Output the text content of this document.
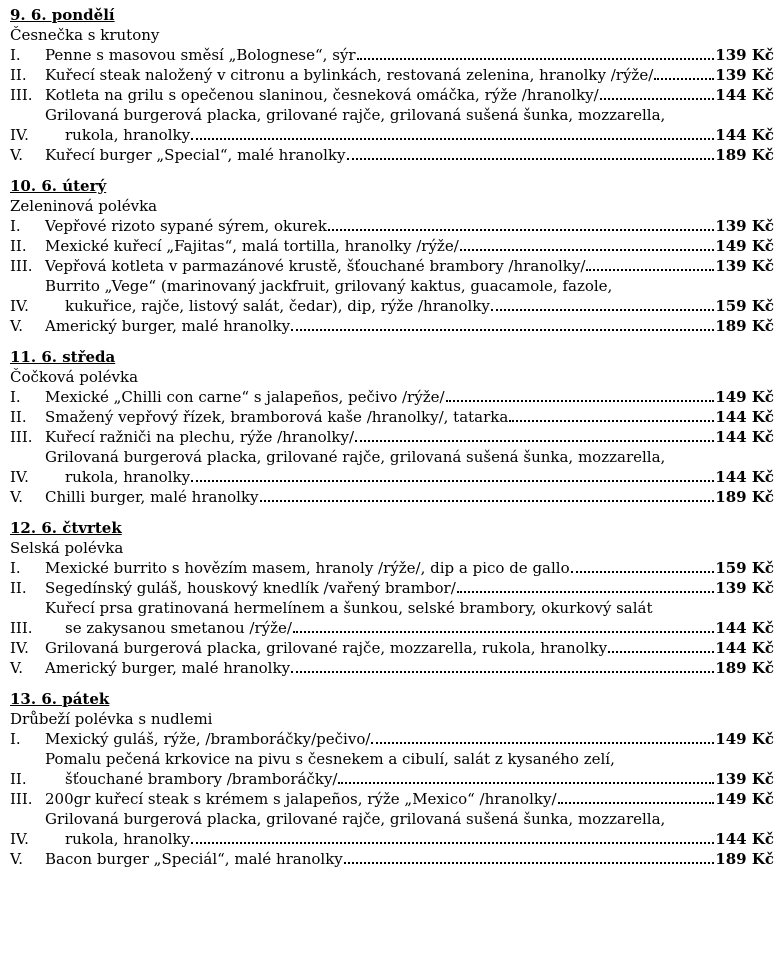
9. 6. pondělí
Česnečka s krutony
I.	Penne s masovou směsí „Bolognese“, sýr	139 Kč
II.	Kuřecí steak naložený v citronu a bylinkách, restovaná zelenina, hranolky /rýže/	139 Kč
III. Kotleta na grilu s opečenou slaninou, česneková omáčka, rýže /hranolky/	144 Kč
IV.
Grilovaná burgerová placka, grilované rajče, grilovaná sušená šunka, mozzarella,
rukola, hranolky	144 Kč
V.	Kuřecí burger „Special“, malé hranolky	189 Kč
10. 6. úterý
Zeleninová polévka
I.	Vepřové rizoto sypané sýrem, okurek	139 Kč
II.	Mexické kuřecí „Fajitas“, malá tortilla, hranolky /rýže/	149 Kč
III. Vepřová kotleta v parmazánové krustě, šťouchané brambory /hranolky/	139 Kč
IV.
Burrito „Vege“ (marinovaný jackfruit, grilovaný kaktus, guacamole, fazole,
kukuřice, rajče, listový salát, čedar), dip, rýže /hranolky	159 Kč
V.	Americký burger, malé hranolky	189 Kč
11. 6. středa
Čočková polévka
I.	Mexické „Chilli con carne“ s jalapeños, pečivo /rýže/	149 Kč
II.	Smažený vepřový řízek, bramborová kaše /hranolky/, tatarka	144 Kč
III. Kuřecí ražniči na plechu, rýže /hranolky/	144 Kč
IV.
Grilovaná burgerová placka, grilované rajče, grilovaná sušená šunka, mozzarella,
rukola, hranolky	144 Kč
V.	Chilli burger, malé hranolky	189 Kč
12. 6. čtvrtek
Selská polévka
I.	Mexické burrito s hovězím masem, hranoly /rýže/, dip a pico de gallo	159 Kč
II.	Segedínský guláš, houskový knedlík /vařený brambor/	139 Kč
III.
Kuřecí prsa gratinovaná hermelínem a šunkou, selské brambory, okurkový salát
se zakysanou smetanou /rýže/	144 Kč
IV.	Grilovaná burgerová placka, grilované rajče, mozzarella, rukola, hranolky	144 Kč
V.	Americký burger, malé hranolky	189 Kč
13. 6. pátek
Drůbeží polévka s nudlemi
I.	Mexický guláš, rýže, /bramboráčky/pečivo/	149 Kč
II.
Pomalu pečená krkovice na pivu s česnekem a cibulí, salát z kysaného zelí,
šťouchané brambory /bramboráčky/	139 Kč
III. 200gr kuřecí steak s krémem s jalapeños, rýže „Mexico“ /hranolky/	149 Kč
IV.
Grilovaná burgerová placka, grilované rajče, grilovaná sušená šunka, mozzarella,
rukola, hranolky	144 Kč
V.	Bacon burger „Speciál“, malé hranolky	189 Kč
